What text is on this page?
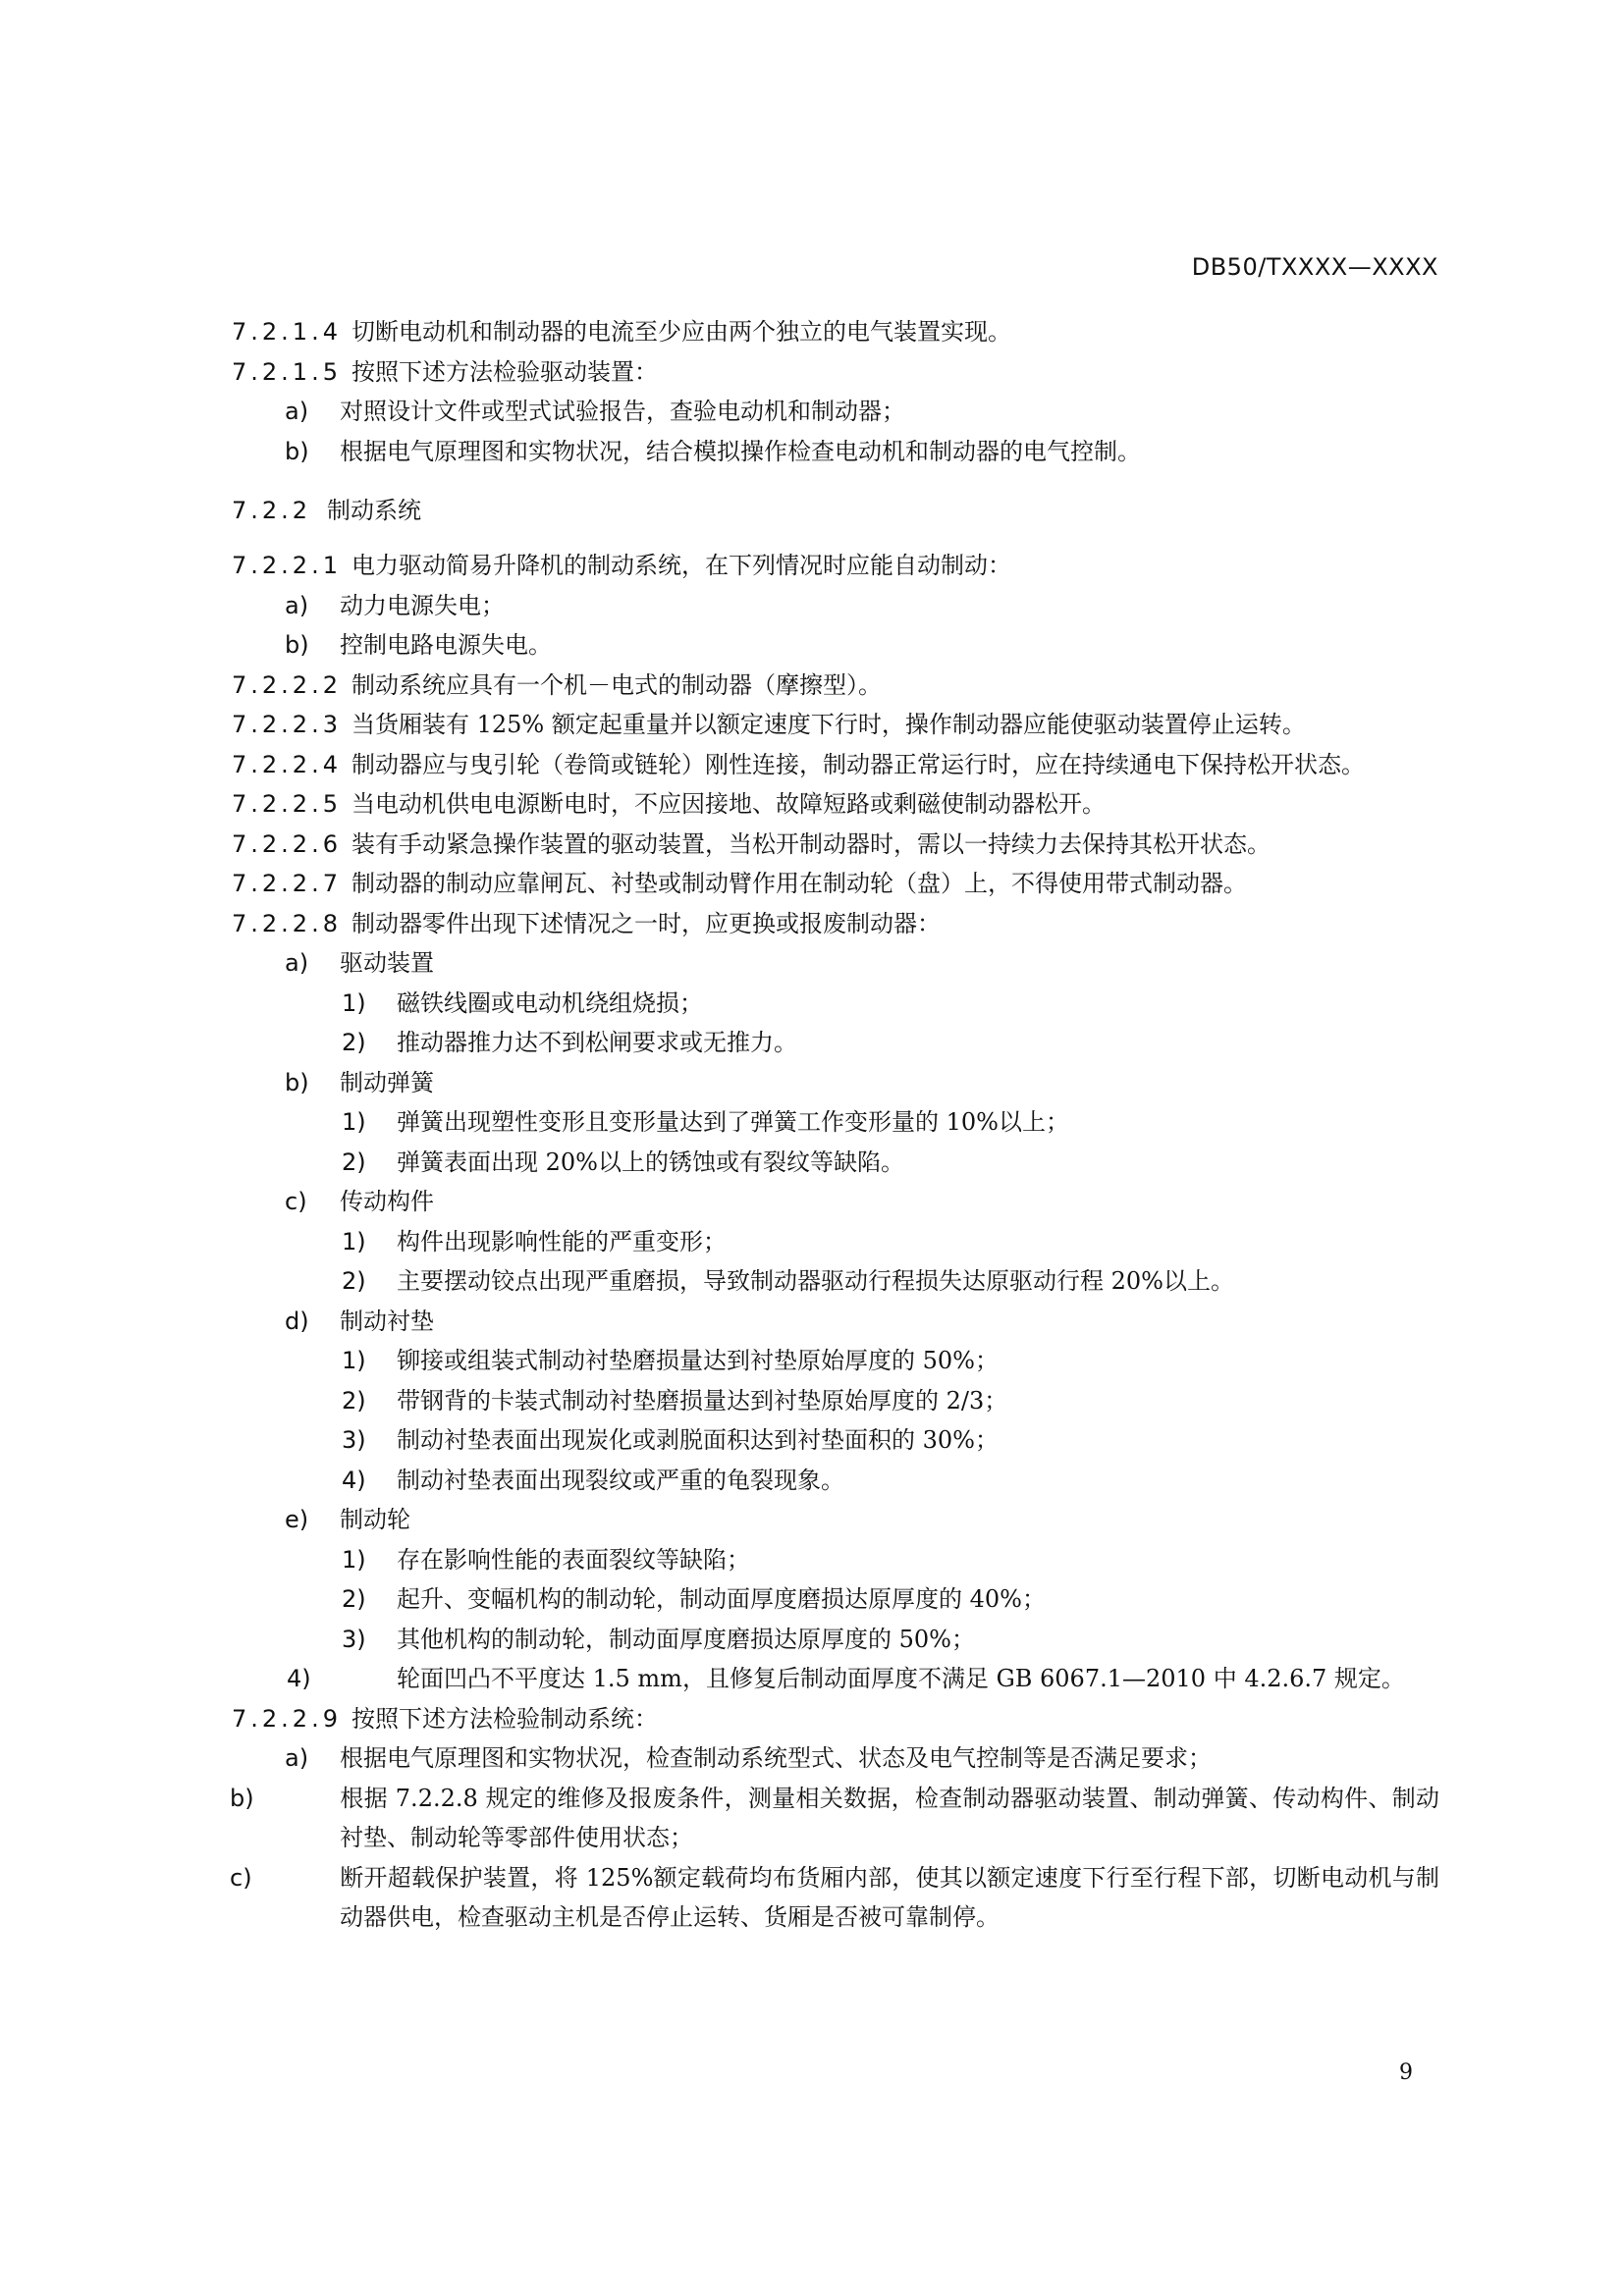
DB50/TXXXX—XXXX
7.2.1.4 切断电动机和制动器的电流至少应由两个独立的电气装置实现。
7.2.1.5 按照下述方法检验驱动装置：
a) 对照设计文件或型式试验报告，查验电动机和制动器；
b) 根据电气原理图和实物状况，结合模拟操作检查电动机和制动器的电气控制。
7.2.2 制动系统
7.2.2.1 电力驱动简易升降机的制动系统，在下列情况时应能自动制动：
a) 动力电源失电；
b) 控制电路电源失电。
7.2.2.2 制动系统应具有一个机－电式的制动器（摩擦型）。
7.2.2.3 当货厢装有 125% 额定起重量并以额定速度下行时，操作制动器应能使驱动装置停止运转。
7.2.2.4 制动器应与曳引轮（卷筒或链轮）刚性连接，制动器正常运行时，应在持续通电下保持松开状态。
7.2.2.5 当电动机供电电源断电时，不应因接地、故障短路或剩磁使制动器松开。
7.2.2.6 装有手动紧急操作装置的驱动装置，当松开制动器时，需以一持续力去保持其松开状态。
7.2.2.7 制动器的制动应靠闸瓦、衬垫或制动臂作用在制动轮（盘）上，不得使用带式制动器。
7.2.2.8 制动器零件出现下述情况之一时，应更换或报废制动器：
a) 驱动装置
1) 磁铁线圈或电动机绕组烧损；
2) 推动器推力达不到松闸要求或无推力。
b) 制动弹簧
1) 弹簧出现塑性变形且变形量达到了弹簧工作变形量的 10%以上；
2) 弹簧表面出现 20%以上的锈蚀或有裂纹等缺陷。
c) 传动构件
1) 构件出现影响性能的严重变形；
2) 主要摆动铰点出现严重磨损，导致制动器驱动行程损失达原驱动行程 20%以上。
d) 制动衬垫
1) 铆接或组装式制动衬垫磨损量达到衬垫原始厚度的 50%；
2) 带钢背的卡装式制动衬垫磨损量达到衬垫原始厚度的 2/3；
3) 制动衬垫表面出现炭化或剥脱面积达到衬垫面积的 30%；
4) 制动衬垫表面出现裂纹或严重的龟裂现象。
e) 制动轮
1) 存在影响性能的表面裂纹等缺陷；
2) 起升、变幅机构的制动轮，制动面厚度磨损达原厚度的 40%；
3) 其他机构的制动轮，制动面厚度磨损达原厚度的 50%；
4)	轮面凹凸不平度达 1.5 mm，且修复后制动面厚度不满足 GB 6067.1—2010 中 4.2.6.7 规定。
7.2.2.9 按照下述方法检验制动系统：
a) 根据电气原理图和实物状况，检查制动系统型式、状态及电气控制等是否满足要求；
b)	根据 7.2.2.8 规定的维修及报废条件，测量相关数据，检查制动器驱动装置、制动弹簧、传动构件、制动衬垫、制动轮等零部件使用状态；
c)	断开超载保护装置，将 125%额定载荷均布货厢内部，使其以额定速度下行至行程下部，切断电动机与制动器供电，检查驱动主机是否停止运转、货厢是否被可靠制停。
9
